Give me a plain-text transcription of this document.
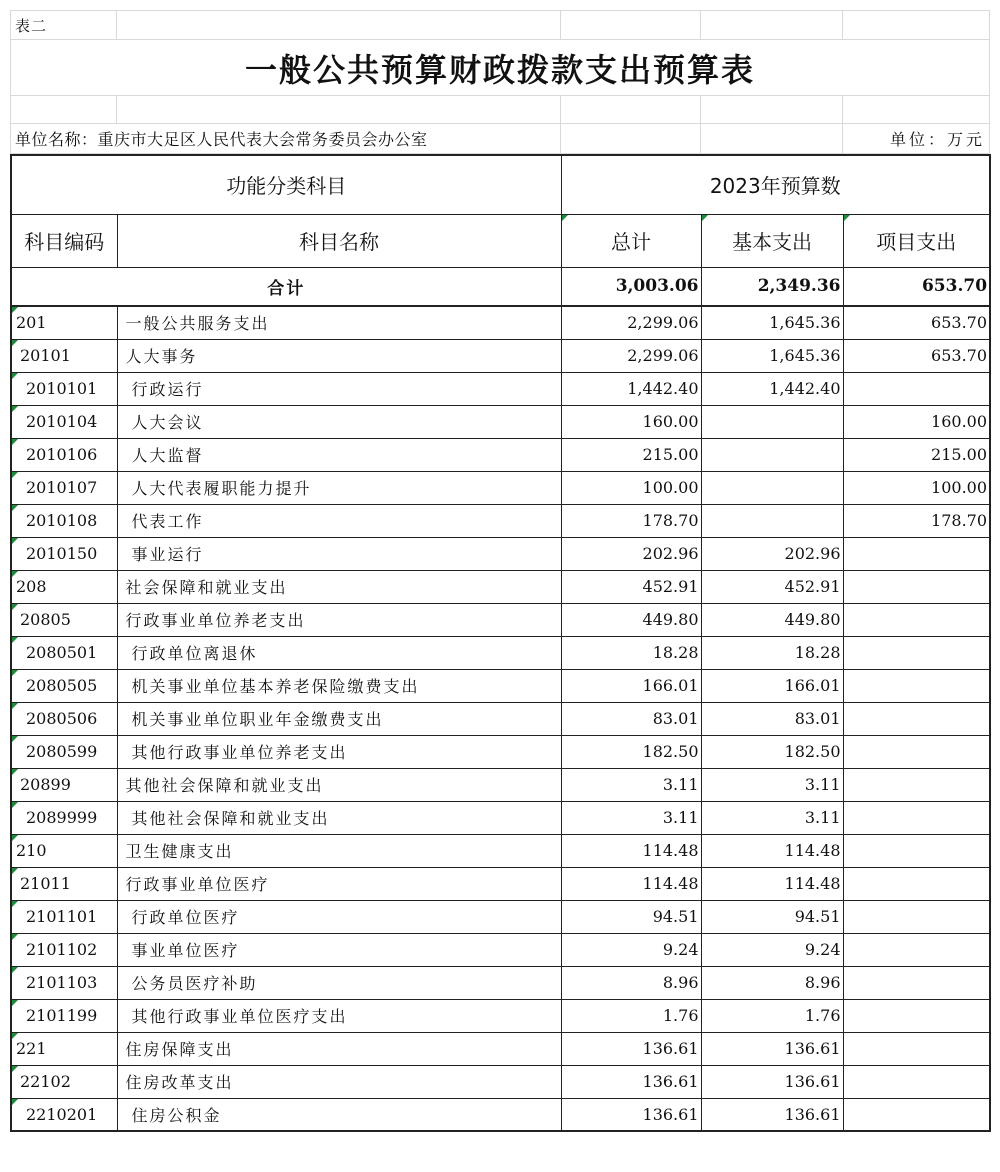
表二				
一般公共预算财政拨款支出预算表				

单位名称：重庆市大足区人民代表大会常务委员会办公室				单位：万元
功能分类科目		2023年预算数		
科目编码	科目名称	总计	基本支出	项目支出
合计		3,003.06	2,349.36	653.70
201	一般公共服务支出	2,299.06	1,645.36	653.70
20101	人大事务	2,299.06	1,645.36	653.70
2010101	行政运行	1,442.40	1,442.40	
2010104	人大会议	160.00		160.00
2010106	人大监督	215.00		215.00
2010107	人大代表履职能力提升	100.00		100.00
2010108	代表工作	178.70		178.70
2010150	事业运行	202.96	202.96	
208	社会保障和就业支出	452.91	452.91	
20805	行政事业单位养老支出	449.80	449.80	
2080501	行政单位离退休	18.28	18.28	
2080505	机关事业单位基本养老保险缴费支出	166.01	166.01	
2080506	机关事业单位职业年金缴费支出	83.01	83.01	
2080599	其他行政事业单位养老支出	182.50	182.50	
20899	其他社会保障和就业支出	3.11	3.11	
2089999	其他社会保障和就业支出	3.11	3.11	
210	卫生健康支出	114.48	114.48	
21011	行政事业单位医疗	114.48	114.48	
2101101	行政单位医疗	94.51	94.51	
2101102	事业单位医疗	9.24	9.24	
2101103	公务员医疗补助	8.96	8.96	
2101199	其他行政事业单位医疗支出	1.76	1.76	
221	住房保障支出	136.61	136.61	
22102	住房改革支出	136.61	136.61	
2210201	住房公积金	136.61	136.61	
